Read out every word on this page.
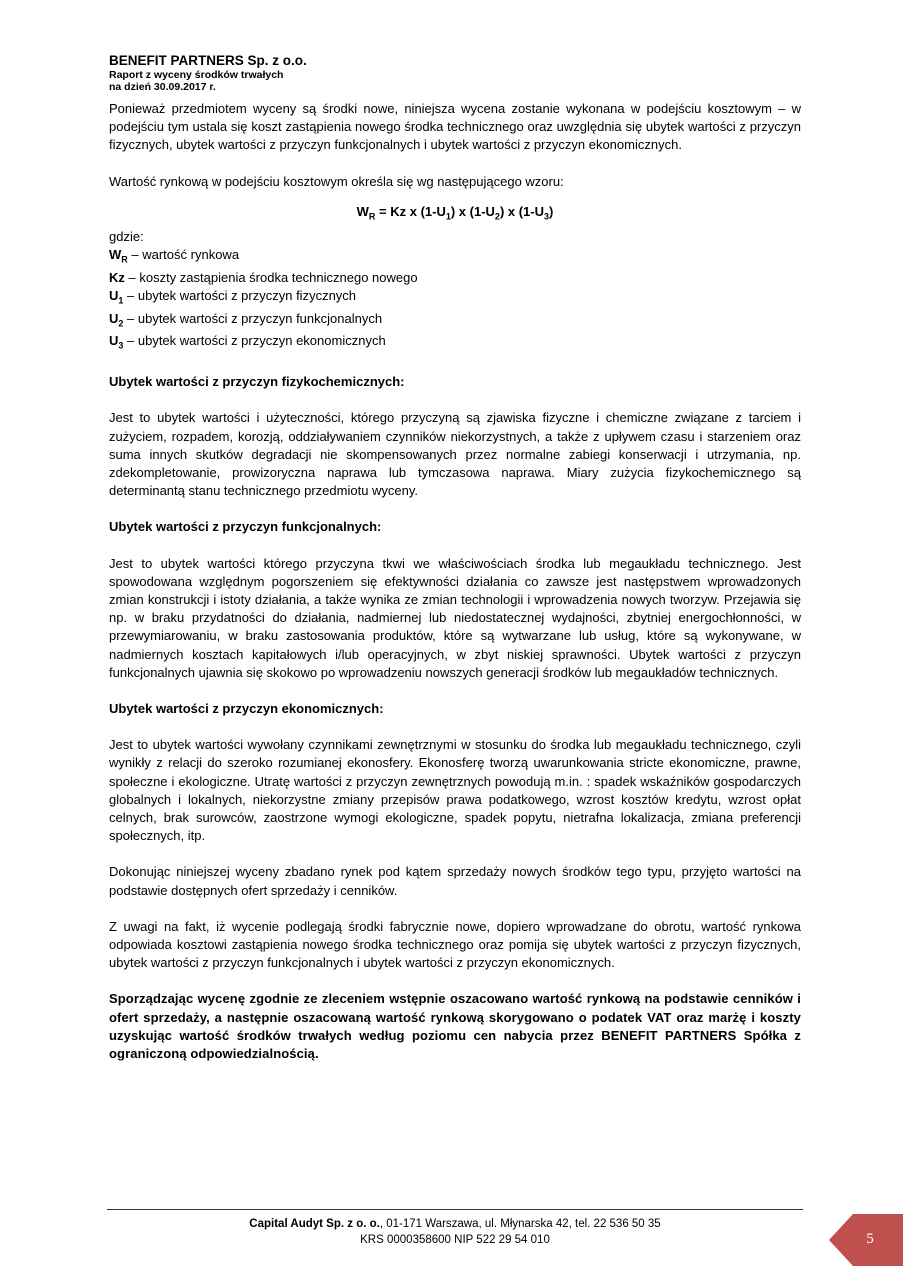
BENEFIT PARTNERS Sp. z o.o.
Raport z wyceny środków trwałych
na dzień 30.09.2017 r.

Ponieważ przedmiotem wyceny są środki nowe, niniejsza wycena zostanie wykonana w podejściu kosztowym – w podejściu tym ustala się koszt zastąpienia nowego środka technicznego oraz uwzględnia się ubytek wartości z przyczyn fizycznych, ubytek wartości z przyczyn funkcjonalnych i ubytek wartości z przyczyn ekonomicznych.

Wartość rynkową w podejściu kosztowym określa się wg następującego wzoru:

$W_R = Kz$ x $(1-U_1)$ x $(1-U_2)$ x $(1-U_3)$

gdzie:

$W_R$ – wartość rynkowa

Kz – koszty zastąpienia środka technicznego nowego

$U_1$ – ubytek wartości z przyczyn fizycznych

$U_2$ – ubytek wartości z przyczyn funkcjonalnych

$U_3$ – ubytek wartości z przyczyn ekonomicznych

Ubytek wartości z przyczyn fizykochemicznych:

Jest to ubytek wartości i użyteczności, którego przyczyną są zjawiska fizyczne i chemiczne związane z tarciem i zużyciem, rozpadem, korozją, oddziaływaniem czynników niekorzystnych, a także z upływem czasu i starzeniem oraz suma innych skutków degradacji nie skompensowanych przez normalne zabiegi konserwacji i utrzymania, np. zdekompletowanie, prowizoryczna naprawa lub tymczasowa naprawa. Miary zużycia fizykochemicznego są determinantą stanu technicznego przedmiotu wyceny.

Ubytek wartości z przyczyn funkcjonalnych:

Jest to ubytek wartości którego przyczyna tkwi we właściwościach środka lub megaukładu technicznego. Jest spowodowana względnym pogorszeniem się efektywności działania co zawsze jest następstwem wprowadzonych zmian konstrukcji i istoty działania, a także wynika ze zmian technologii i wprowadzenia nowych tworzyw. Przejawia się np. w braku przydatności do działania, nadmiernej lub niedostatecznej wydajności, zbytniej energochłonności, w przewymiarowaniu, w braku zastosowania produktów, które są wytwarzane lub usług, które są wykonywane, w nadmiernych kosztach kapitałowych i/lub operacyjnych, w zbyt niskiej sprawności. Ubytek wartości z przyczyn funkcjonalnych ujawnia się skokowo po wprowadzeniu nowszych generacji środków lub megaukładów technicznych.

Ubytek wartości z przyczyn ekonomicznych:

Jest to ubytek wartości wywołany czynnikami zewnętrznymi w stosunku do środka lub megaukładu technicznego, czyli wynikły z relacji do szeroko rozumianej ekonosfery. Ekonosferę tworzą uwarunkowania stricte ekonomiczne, prawne, społeczne i ekologiczne. Utratę wartości z przyczyn zewnętrznych powodują m.in. : spadek wskaźników gospodarczych globalnych i lokalnych, niekorzystne zmiany przepisów prawa podatkowego, wzrost kosztów kredytu, wzrost opłat celnych, brak surowców, zaostrzone wymogi ekologiczne, spadek popytu, nietrafna lokalizacja, zmiana preferencji społecznych, itp.

Dokonując niniejszej wyceny zbadano rynek pod kątem sprzedaży nowych środków tego typu, przyjęto wartości na podstawie dostępnych ofert sprzedaży i cenników.

Z uwagi na fakt, iż wycenie podlegają środki fabrycznie nowe, dopiero wprowadzane do obrotu, wartość rynkowa odpowiada kosztowi zastąpienia nowego środka technicznego oraz pomija się ubytek wartości z przyczyn fizycznych, ubytek wartości z przyczyn funkcjonalnych i ubytek wartości z przyczyn ekonomicznych.

Sporządzając wycenę zgodnie ze zleceniem wstępnie oszacowano wartość rynkową na podstawie cenników i ofert sprzedaży, a następnie oszacowaną wartość rynkową skorygowano o podatek VAT oraz marżę i koszty uzyskując wartość środków trwałych według poziomu cen nabycia przez BENEFIT PARTNERS Spółka z ograniczoną odpowiedzialnością.

Capital Audyt Sp. z o. o., 01-171 Warszawa, ul. Młynarska 42, tel. 22 536 50 35
KRS 0000358600 NIP 522 29 54 010	5
